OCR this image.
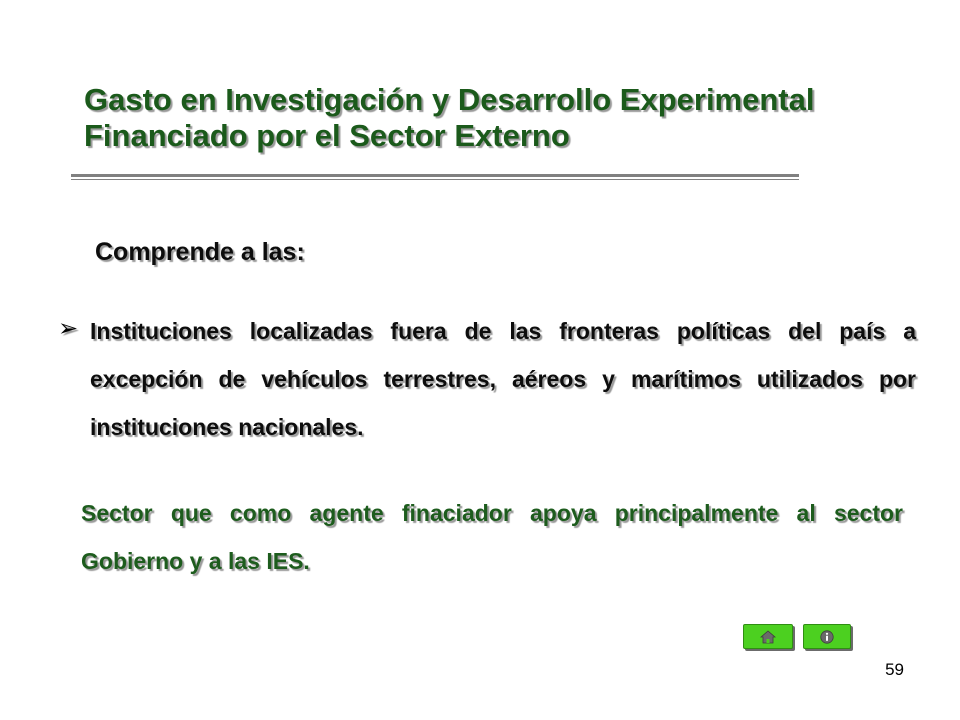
Gasto en Investigación y Desarrollo Experimental Financiado por el Sector Externo
Comprende a las:
➢ Instituciones localizadas fuera de las fronteras políticas del país a excepción de vehículos terrestres, aéreos y marítimos utilizados por instituciones nacionales.
Sector que como agente finaciador apoya principalmente al sector Gobierno y a las IES.
59
